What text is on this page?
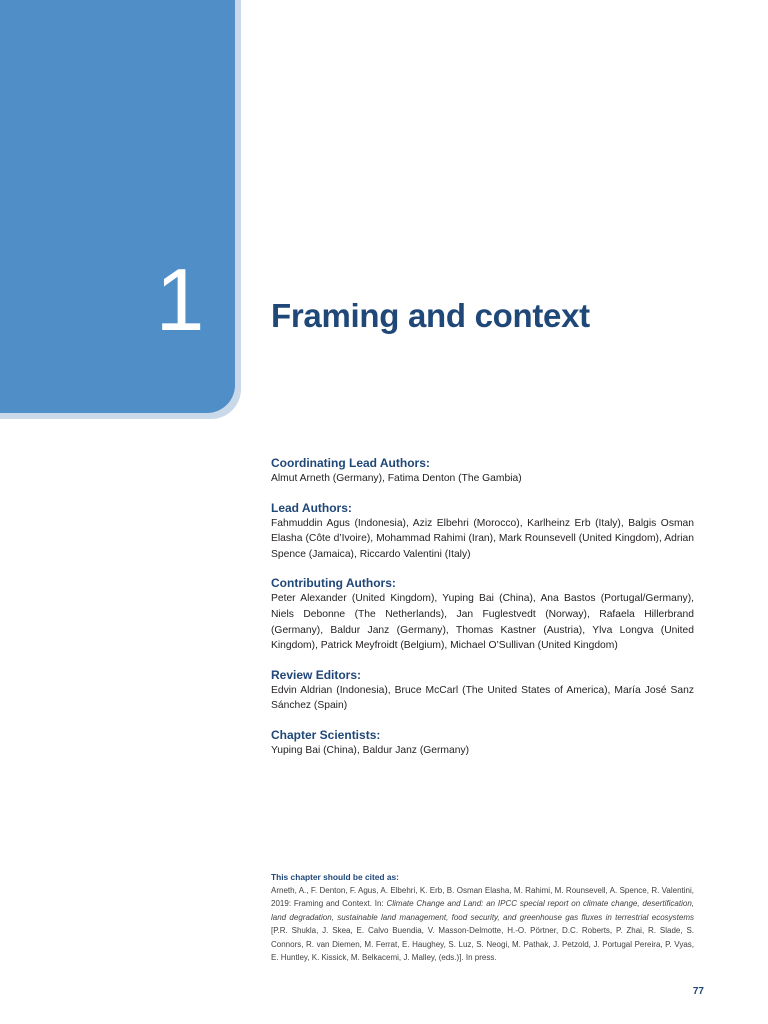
1 Framing and context
Coordinating Lead Authors:
Almut Arneth (Germany), Fatima Denton (The Gambia)
Lead Authors:
Fahmuddin Agus (Indonesia), Aziz Elbehri (Morocco), Karlheinz Erb (Italy), Balgis Osman Elasha (Côte d’Ivoire), Mohammad Rahimi (Iran), Mark Rounsevell (United Kingdom), Adrian Spence (Jamaica), Riccardo Valentini (Italy)
Contributing Authors:
Peter Alexander (United Kingdom), Yuping Bai (China), Ana Bastos (Portugal/Germany), Niels Debonne (The Netherlands), Jan Fuglestvedt (Norway), Rafaela Hillerbrand (Germany), Baldur Janz (Germany), Thomas Kastner (Austria), Ylva Longva (United Kingdom), Patrick Meyfroidt (Belgium), Michael O’Sullivan (United Kingdom)
Review Editors:
Edvin Aldrian (Indonesia), Bruce McCarl (The United States of America), María José Sanz Sánchez (Spain)
Chapter Scientists:
Yuping Bai (China), Baldur Janz (Germany)
This chapter should be cited as:
Arneth, A., F. Denton, F. Agus, A. Elbehri, K. Erb, B. Osman Elasha, M. Rahimi, M. Rounsevell, A. Spence, R. Valentini, 2019: Framing and Context. In: Climate Change and Land: an IPCC special report on climate change, desertification, land degradation, sustainable land management, food security, and greenhouse gas fluxes in terrestrial ecosystems [P.R. Shukla, J. Skea, E. Calvo Buendia, V. Masson-Delmotte, H.-O. Pörtner, D.C. Roberts, P. Zhai, R. Slade, S. Connors, R. van Diemen, M. Ferrat, E. Haughey, S. Luz, S. Neogi, M. Pathak, J. Petzold, J. Portugal Pereira, P. Vyas, E. Huntley, K. Kissick, M. Belkacemi, J. Malley, (eds.)]. In press.
77
